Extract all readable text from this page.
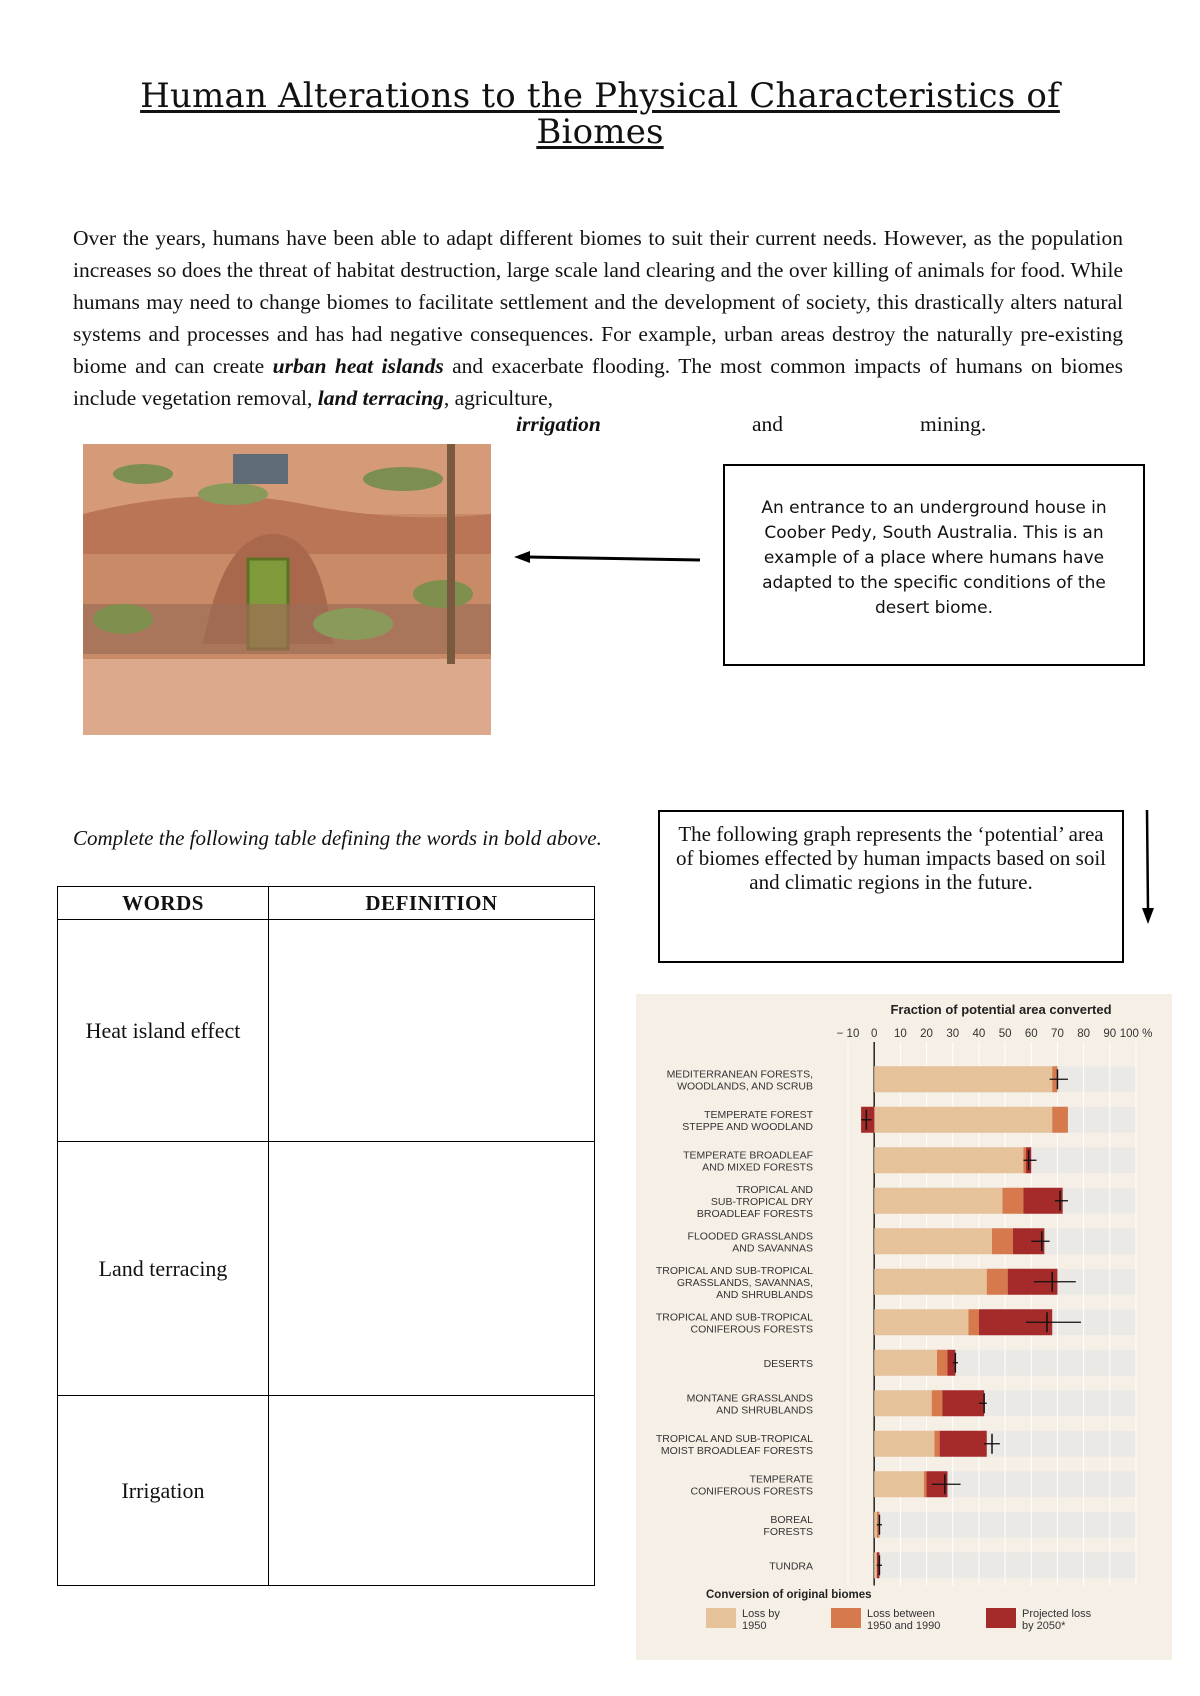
Human Alterations to the Physical Characteristics of Biomes

Over the years, humans have been able to adapt different biomes to suit their current needs. However, as the population increases so does the threat of habitat destruction, large scale land clearing and the over killing of animals for food. While humans may need to change biomes to facilitate settlement and the development of society, this drastically alters natural systems and processes and has had negative consequences. For example, urban areas destroy the naturally pre-existing biome and can create urban heat islands and exacerbate flooding. The most common impacts of humans on biomes include vegetation removal, land terracing, agriculture,

irrigation	and	mining.
An entrance to an underground house in Coober Pedy, South Australia. This is an example of a place where humans have adapted to the specific conditions of the desert biome.
Complete the following table defining the words in bold above.	The following graph represents the ‘potential’ area of biomes effected by human impacts based on soil and climatic regions in the future.
WORDS	DEFINITION
Heat island effect	
Land terracing	
Irrigation	
Fraction of potential area converted
− 10 0 10 20 30 40 50 60 70 80 90 100 %
MEDITERRANEAN FORESTS,
WOODLANDS, AND SCRUB
TEMPERATE FOREST
STEPPE AND WOODLAND
TEMPERATE BROADLEAF
AND MIXED FORESTS
TROPICAL AND
SUB-TROPICAL DRY
BROADLEAF FORESTS
FLOODED GRASSLANDS
AND SAVANNAS
TROPICAL AND SUB-TROPICAL
GRASSLANDS, SAVANNAS,
AND SHRUBLANDS
TROPICAL AND SUB-TROPICAL
CONIFEROUS FORESTS
DESERTS
MONTANE GRASSLANDS
AND SHRUBLANDS
TROPICAL AND SUB-TROPICAL
MOIST BROADLEAF FORESTS
TEMPERATE
CONIFEROUS FORESTS
BOREAL
FORESTS
TUNDRA
Conversion of original biomes
Loss by
1950
Loss between
1950 and 1990
Projected loss
by 2050*
